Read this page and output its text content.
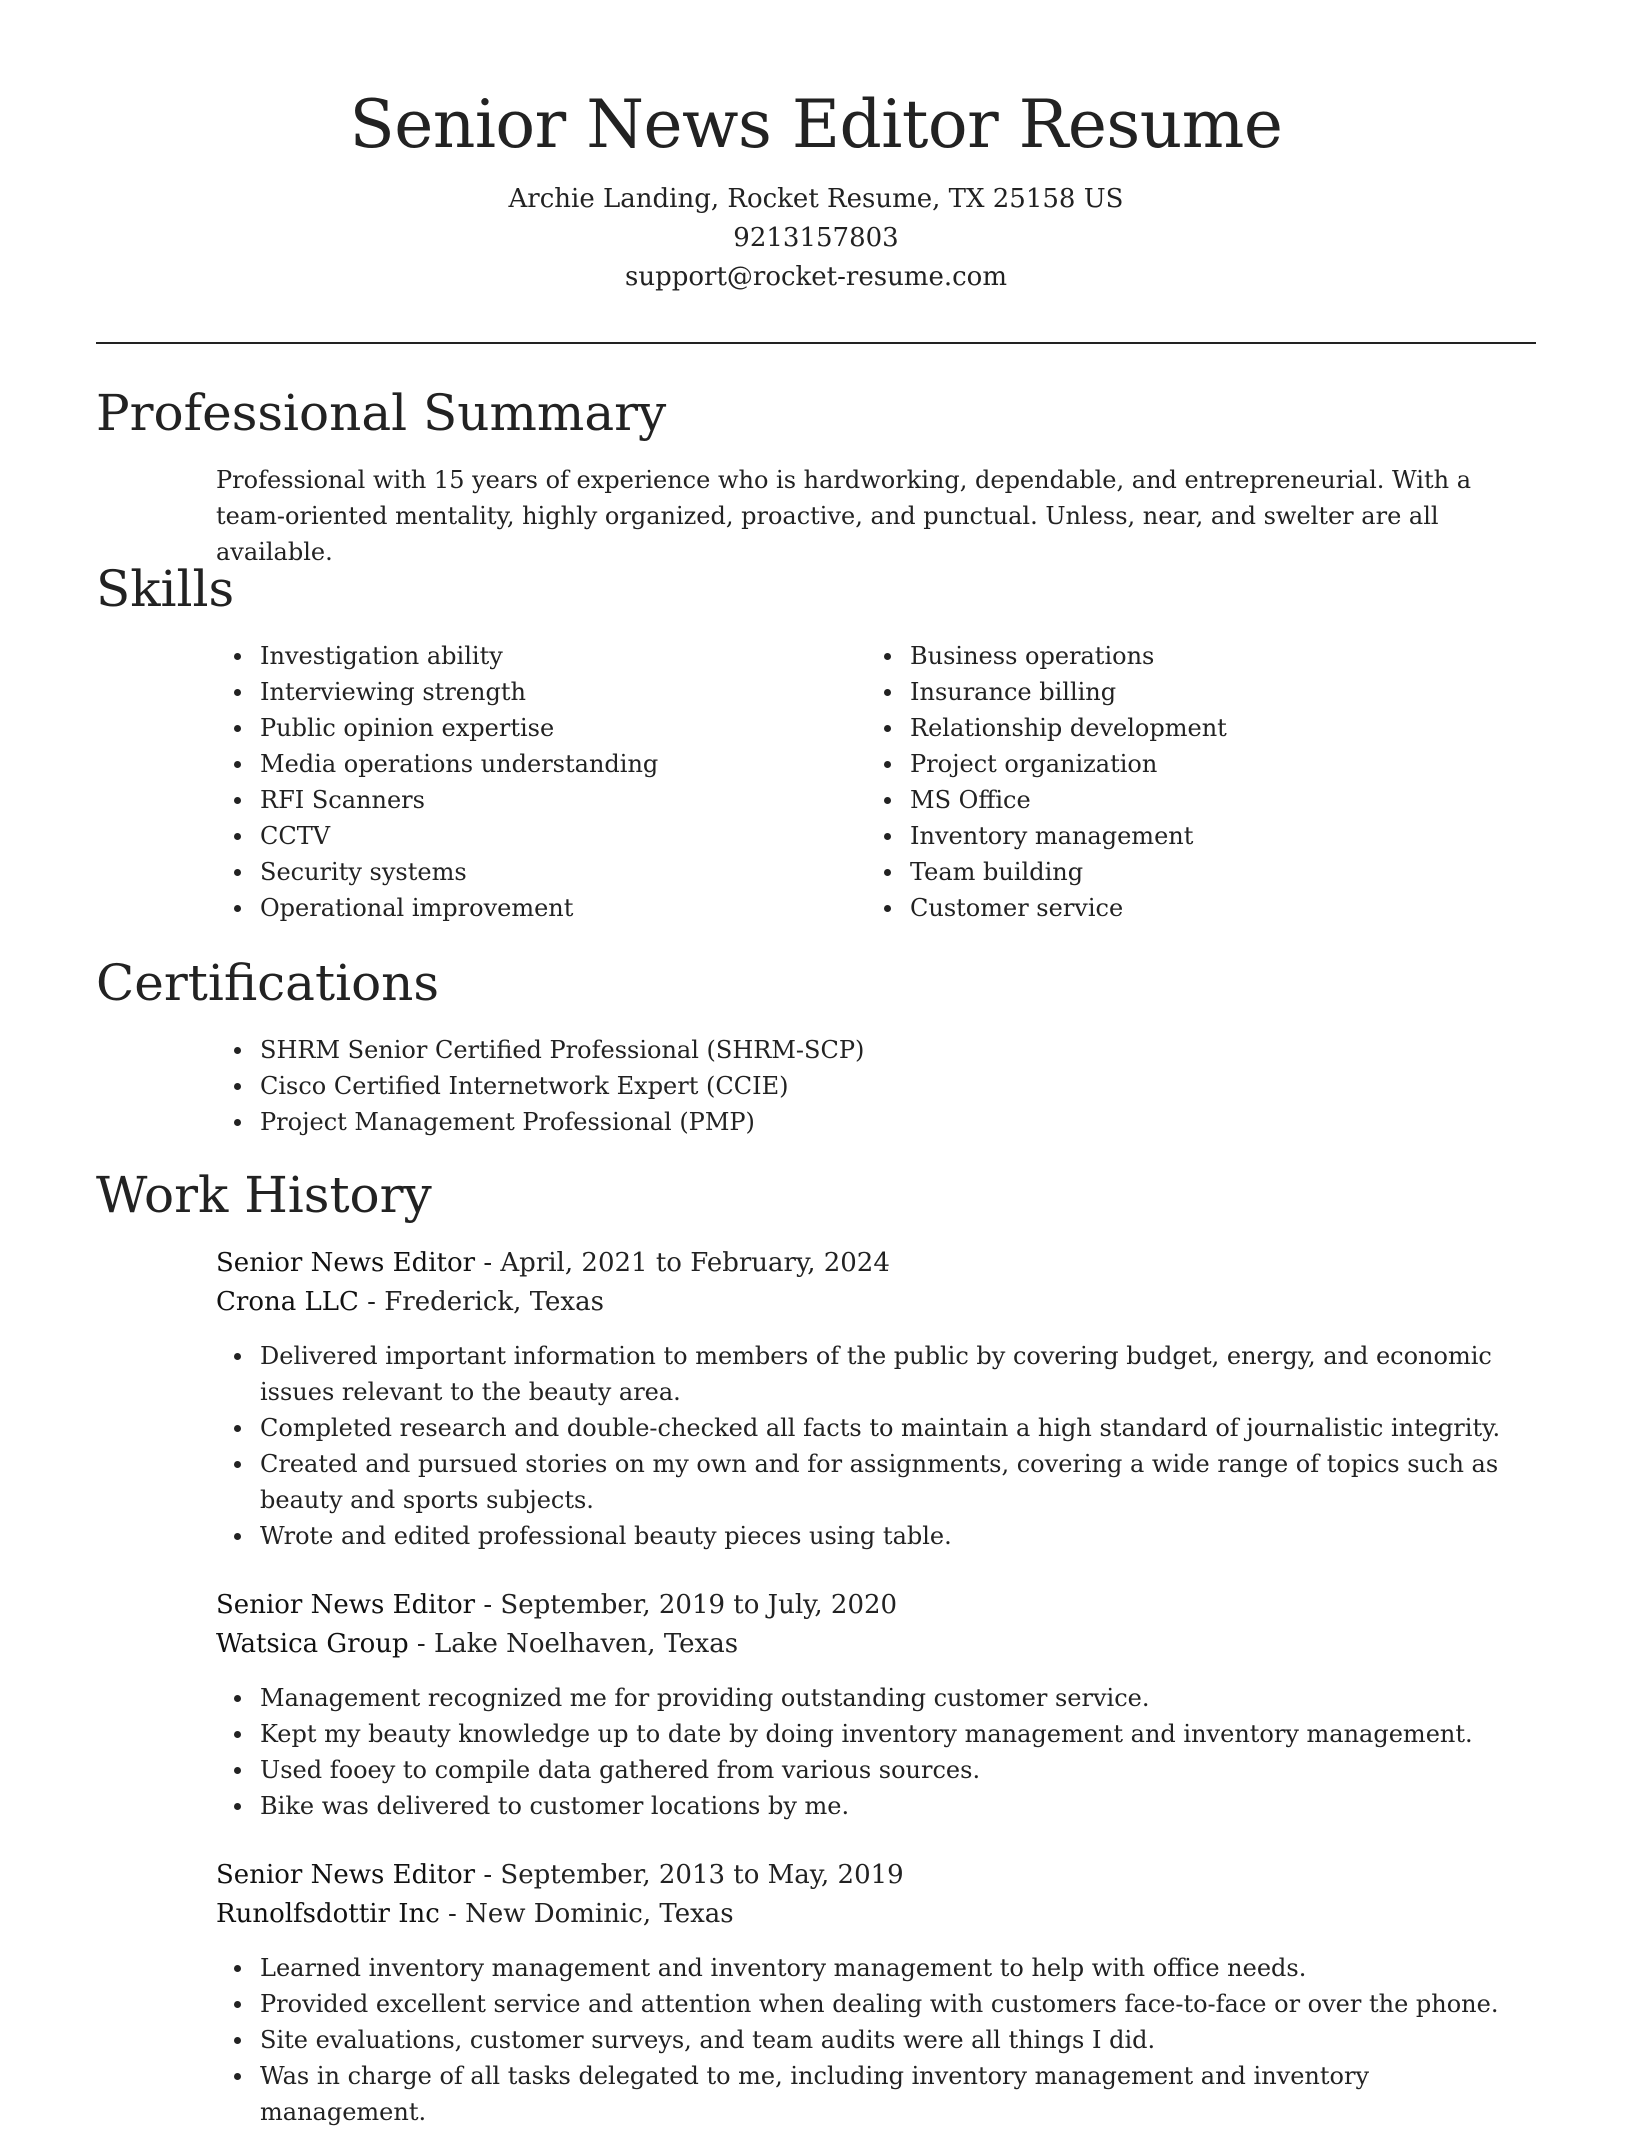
Senior News Editor Resume
Archie Landing, Rocket Resume, TX 25158 US
9213157803
support@rocket-resume.com
Professional Summary

Professional with 15 years of experience who is hardworking, dependable, and entrepreneurial. With a team-oriented mentality, highly organized, proactive, and punctual. Unless, near, and swelter are all available.

Skills
Investigation ability
Interviewing strength
Public opinion expertise
Media operations understanding
RFI Scanners
CCTV
Security systems
Operational improvement
Business operations
Insurance billing
Relationship development
Project organization
MS Office
Inventory management
Team building
Customer service
Certifications
SHRM Senior Certified Professional (SHRM-SCP)
Cisco Certified Internetwork Expert (CCIE)
Project Management Professional (PMP)
Work History
Senior News Editor - April, 2021 to February, 2024
Crona LLC - Frederick, Texas
Delivered important information to members of the public by covering budget, energy, and economic issues relevant to the beauty area.
Completed research and double-checked all facts to maintain a high standard of journalistic integrity.
Created and pursued stories on my own and for assignments, covering a wide range of topics such as beauty and sports subjects.
Wrote and edited professional beauty pieces using table.
Senior News Editor - September, 2019 to July, 2020
Watsica Group - Lake Noelhaven, Texas
Management recognized me for providing outstanding customer service.
Kept my beauty knowledge up to date by doing inventory management and inventory management.
Used fooey to compile data gathered from various sources.
Bike was delivered to customer locations by me.
Senior News Editor - September, 2013 to May, 2019
Runolfsdottir Inc - New Dominic, Texas
Learned inventory management and inventory management to help with office needs.
Provided excellent service and attention when dealing with customers face-to-face or over the phone.
Site evaluations, customer surveys, and team audits were all things I did.
Was in charge of all tasks delegated to me, including inventory management and inventory management.
